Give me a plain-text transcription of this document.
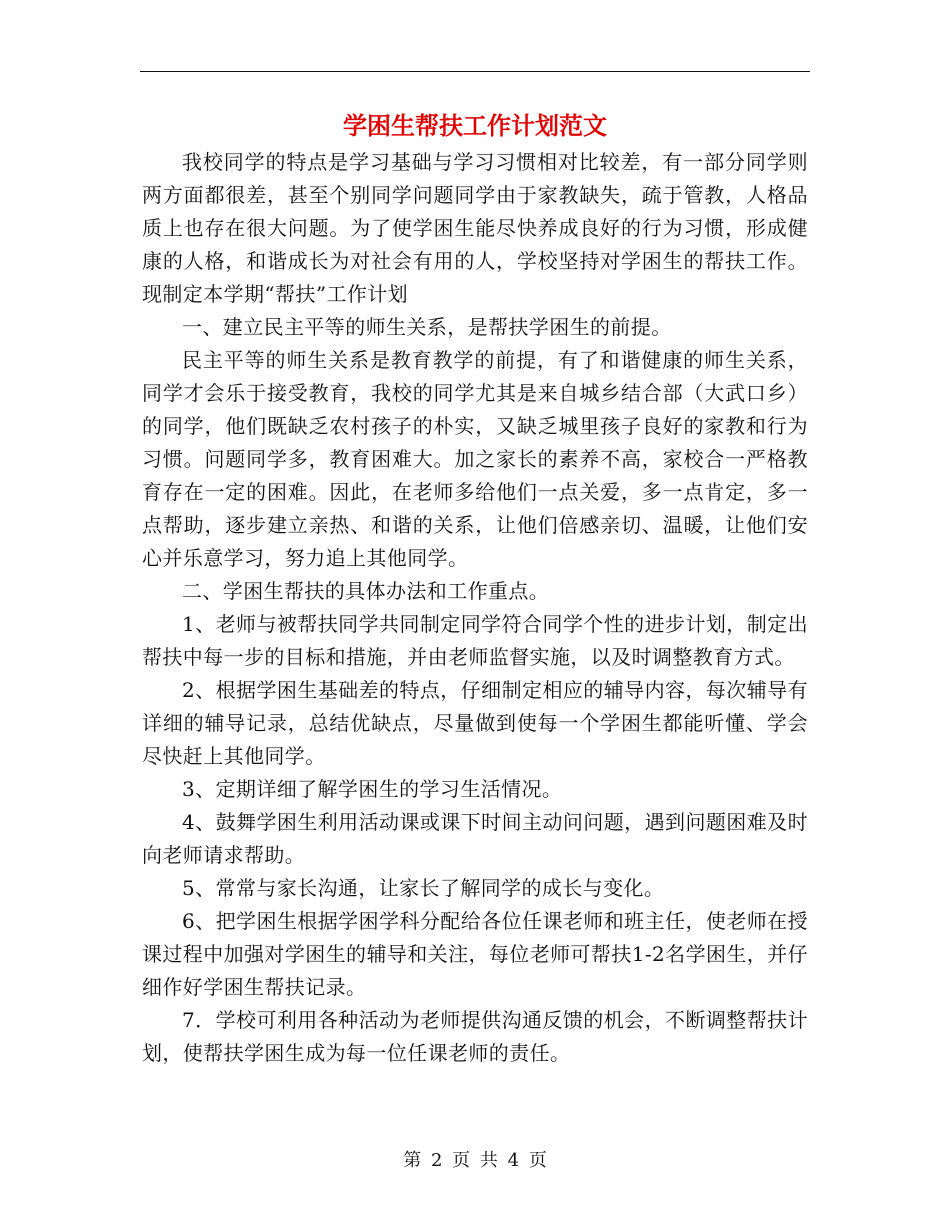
学困生帮扶工作计划范文

我校同学的特点是学习基础与学习习惯相对比较差，有一部分同学则两方面都很差，甚至个别同学问题同学由于家教缺失，疏于管教，人格品质上也存在很大问题。为了使学困生能尽快养成良好的行为习惯，形成健康的人格，和谐成长为对社会有用的人，学校坚持对学困生的帮扶工作。现制定本学期“帮扶”工作计划

一、建立民主平等的师生关系，是帮扶学困生的前提。

民主平等的师生关系是教育教学的前提，有了和谐健康的师生关系，同学才会乐于接受教育，我校的同学尤其是来自城乡结合部（大武口乡）的同学，他们既缺乏农村孩子的朴实，又缺乏城里孩子良好的家教和行为习惯。问题同学多，教育困难大。加之家长的素养不高，家校合一严格教育存在一定的困难。因此，在老师多给他们一点关爱，多一点肯定，多一点帮助，逐步建立亲热、和谐的关系，让他们倍感亲切、温暖，让他们安心并乐意学习，努力追上其他同学。

二、学困生帮扶的具体办法和工作重点。

1、老师与被帮扶同学共同制定同学符合同学个性的进步计划，制定出帮扶中每一步的目标和措施，并由老师监督实施，以及时调整教育方式。

2、根据学困生基础差的特点，仔细制定相应的辅导内容，每次辅导有详细的辅导记录，总结优缺点，尽量做到使每一个学困生都能听懂、学会尽快赶上其他同学。

3、定期详细了解学困生的学习生活情况。

4、鼓舞学困生利用活动课或课下时间主动问问题，遇到问题困难及时向老师请求帮助。

5、常常与家长沟通，让家长了解同学的成长与变化。

6、把学困生根据学困学科分配给各位任课老师和班主任，使老师在授课过程中加强对学困生的辅导和关注，每位老师可帮扶1-2名学困生，并仔细作好学困生帮扶记录。

7．学校可利用各种活动为老师提供沟通反馈的机会，不断调整帮扶计划，使帮扶学困生成为每一位任课老师的责任。

第 2 页 共 4 页
